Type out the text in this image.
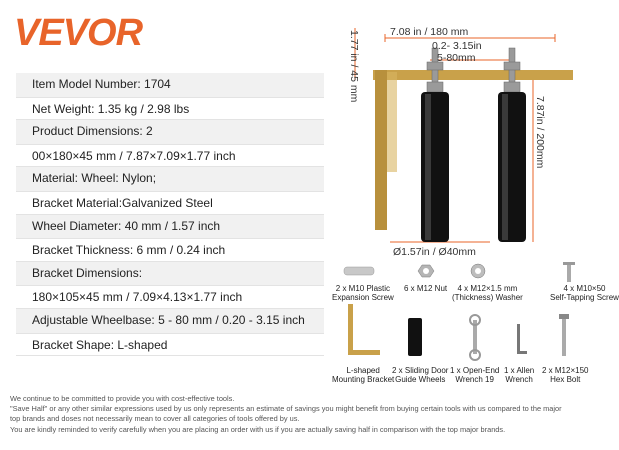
VEVOR
Item Model Number: 1704
Net Weight: 1.35 kg / 2.98 lbs
Product Dimensions: 2
00×180×45 mm / 7.87×7.09×1.77 inch
Material: Wheel: Nylon;
Bracket Material:Galvanized Steel
Wheel Diameter: 40 mm / 1.57 inch
Bracket Thickness: 6 mm / 0.24 inch
Bracket Dimensions:
180×105×45 mm / 7.09×4.13×1.77 inch
Adjustable Wheelbase: 5 - 80 mm / 0.20 - 3.15 inch
Bracket Shape: L-shaped
7.08 in / 180 mm
0.2- 3.15in
5-80mm
1.77 in / 45 mm
7.87in / 200mm
Ø1.57in / Ø40mm
2 x M10 Plastic
Expansion Screw
6 x M12 Nut	4 x M12×1.5 mm
(Thickness) Washer
4 x M10×50
Self-Tapping Screw
L-shaped
Mounting Bracket
2 x Sliding Door
Guide Wheels
1 x Open-End
Wrench 19
1 x Allen
Wrench
2 x M12×150
Hex Bolt
We continue to be committed to provide you with cost-effective tools.
"Save Half" or any other similar expressions used by us only represents an estimate of savings you might benefit from buying certain tools with us compared to the major
top brands and doses not necessarily mean to cover all categories of tools offered by us.
You are kindly reminded to verify carefully when you are placing an order with us if you are actually saving half in comparison with the top major brands.
